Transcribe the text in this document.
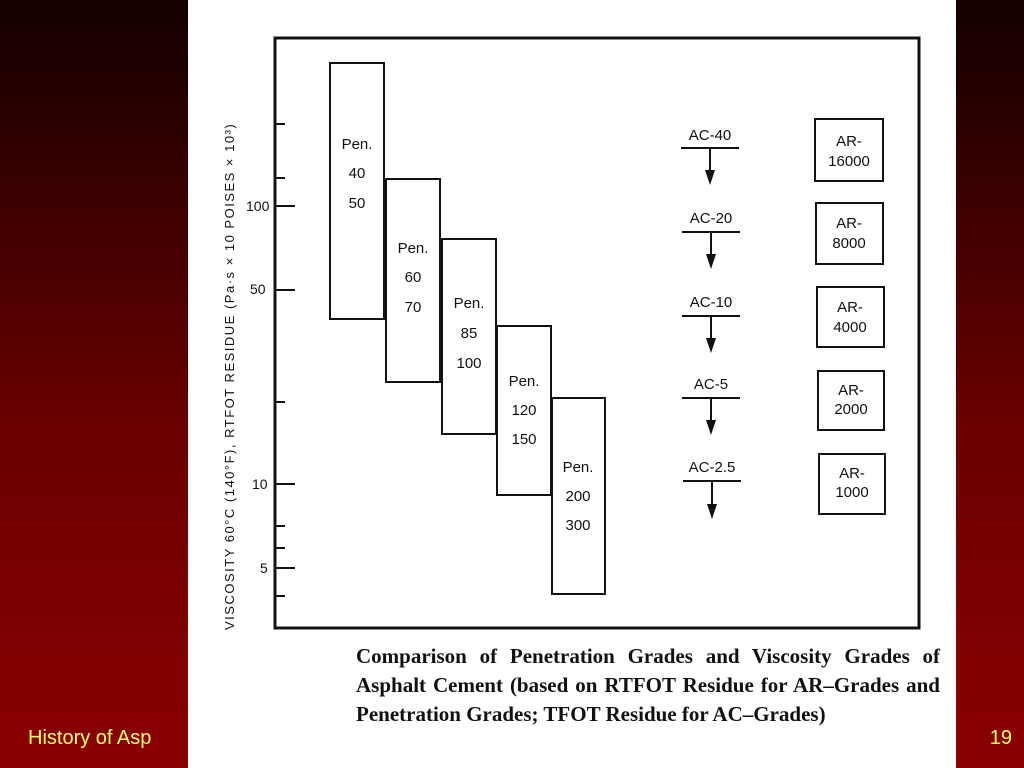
History of Asp	19
VISCOSITY 60°C (140°F), RTFOT RESIDUE (Pa·s × 10 POISES × 10³) 100
50
10
5
Pen.
40
50
Pen.
60
70 Pen.
85
100
Pen.
120
150
Pen.
200
300
AC-40
AC-20
AC-10
AC-5
AC-2.5
AR-
16000
AR-
8000
AR-
4000
AR-
2000
AR-
1000
Comparison of Penetration Grades and Viscosity Grades of Asphalt Cement (based on RTFOT Residue for AR–Grades and Penetration Grades; TFOT Residue for AC–Grades)
